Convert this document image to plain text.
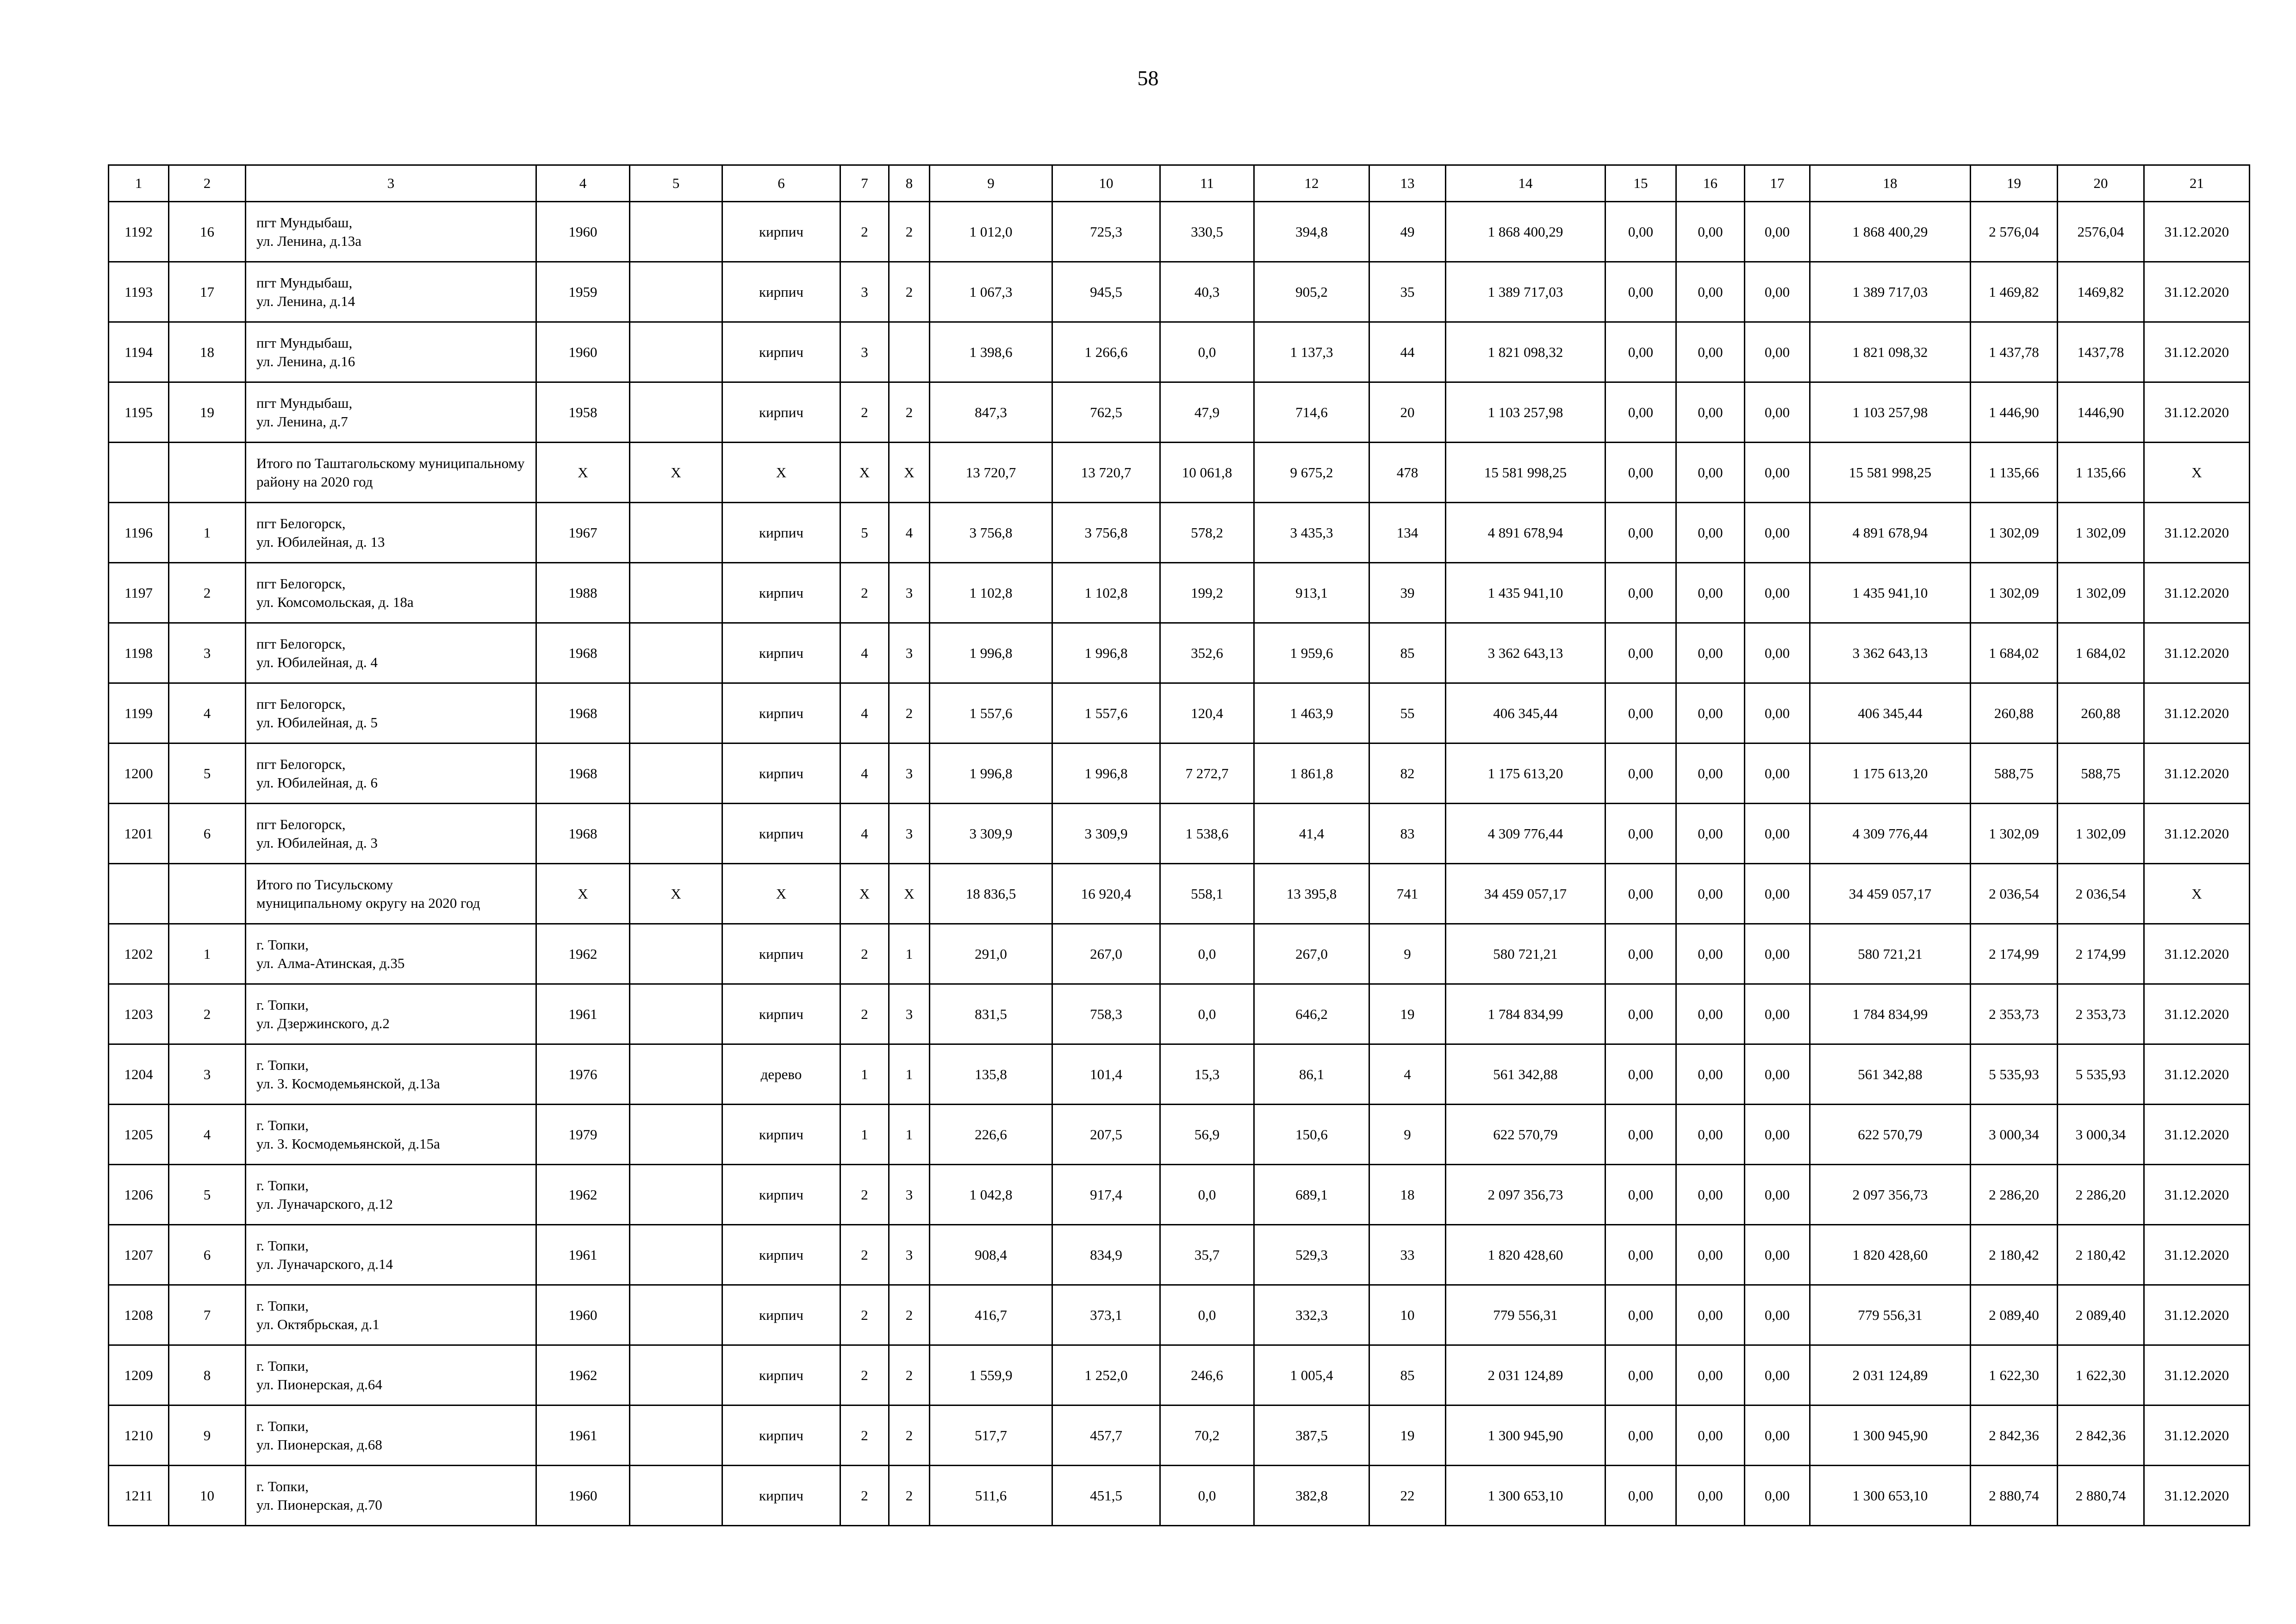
58
1	2	3	4	5	6	7	8	9	10	11	12	13	14	15	16	17	18	19	20	21
1192	16	пгт Мундыбаш,
ул. Ленина, д.13а	1960		кирпич	2	2	1 012,0	725,3	330,5	394,8	49	1 868 400,29	0,00	0,00	0,00	1 868 400,29	2 576,04	2576,04	31.12.2020
1193	17	пгт Мундыбаш,
ул. Ленина, д.14	1959		кирпич	3	2	1 067,3	945,5	40,3	905,2	35	1 389 717,03	0,00	0,00	0,00	1 389 717,03	1 469,82	1469,82	31.12.2020
1194	18	пгт Мундыбаш,
ул. Ленина, д.16	1960		кирпич	3		1 398,6	1 266,6	0,0	1 137,3	44	1 821 098,32	0,00	0,00	0,00	1 821 098,32	1 437,78	1437,78	31.12.2020
1195	19	пгт Мундыбаш,
ул. Ленина, д.7	1958		кирпич	2	2	847,3	762,5	47,9	714,6	20	1 103 257,98	0,00	0,00	0,00	1 103 257,98	1 446,90	1446,90	31.12.2020

		Итого по Таштагольскому муниципальному
району на 2020 год	X	X	X	X	X	13 720,7	13 720,7	10 061,8	9 675,2	478	15 581 998,25	0,00	0,00	0,00	15 581 998,25	1 135,66	1 135,66	X
1196	1	пгт Белогорск,
ул. Юбилейная, д. 13	1967		кирпич	5	4	3 756,8	3 756,8	578,2	3 435,3	134	4 891 678,94	0,00	0,00	0,00	4 891 678,94	1 302,09	1 302,09	31.12.2020
1197	2	пгт Белогорск,
ул. Комсомольская, д. 18а	1988		кирпич	2	3	1 102,8	1 102,8	199,2	913,1	39	1 435 941,10	0,00	0,00	0,00	1 435 941,10	1 302,09	1 302,09	31.12.2020
1198	3	пгт Белогорск,
ул. Юбилейная, д. 4	1968		кирпич	4	3	1 996,8	1 996,8	352,6	1 959,6	85	3 362 643,13	0,00	0,00	0,00	3 362 643,13	1 684,02	1 684,02	31.12.2020
1199	4	пгт Белогорск,
ул. Юбилейная, д. 5	1968		кирпич	4	2	1 557,6	1 557,6	120,4	1 463,9	55	406 345,44	0,00	0,00	0,00	406 345,44	260,88	260,88	31.12.2020
1200	5	пгт Белогорск,
ул. Юбилейная, д. 6	1968		кирпич	4	3	1 996,8	1 996,8	7 272,7	1 861,8	82	1 175 613,20	0,00	0,00	0,00	1 175 613,20	588,75	588,75	31.12.2020
1201	6	пгт Белогорск,
ул. Юбилейная, д. 3	1968		кирпич	4	3	3 309,9	3 309,9	1 538,6	41,4	83	4 309 776,44	0,00	0,00	0,00	4 309 776,44	1 302,09	1 302,09	31.12.2020

		Итого по Тисульскому
муниципальному округу на 2020 год	X	X	X	X	X	18 836,5	16 920,4	558,1	13 395,8	741	34 459 057,17	0,00	0,00	0,00	34 459 057,17	2 036,54	2 036,54	X
1202	1	г. Топки,
ул. Алма-Атинская, д.35	1962		кирпич	2	1	291,0	267,0	0,0	267,0	9	580 721,21	0,00	0,00	0,00	580 721,21	2 174,99	2 174,99	31.12.2020
1203	2	г. Топки,
ул. Дзержинского, д.2	1961		кирпич	2	3	831,5	758,3	0,0	646,2	19	1 784 834,99	0,00	0,00	0,00	1 784 834,99	2 353,73	2 353,73	31.12.2020
1204	3	г. Топки,
ул. З. Космодемьянской, д.13а	1976		дерево	1	1	135,8	101,4	15,3	86,1	4	561 342,88	0,00	0,00	0,00	561 342,88	5 535,93	5 535,93	31.12.2020
1205	4	г. Топки,
ул. З. Космодемьянской, д.15а	1979		кирпич	1	1	226,6	207,5	56,9	150,6	9	622 570,79	0,00	0,00	0,00	622 570,79	3 000,34	3 000,34	31.12.2020
1206	5	г. Топки,
ул. Луначарского, д.12	1962		кирпич	2	3	1 042,8	917,4	0,0	689,1	18	2 097 356,73	0,00	0,00	0,00	2 097 356,73	2 286,20	2 286,20	31.12.2020
1207	6	г. Топки,
ул. Луначарского, д.14	1961		кирпич	2	3	908,4	834,9	35,7	529,3	33	1 820 428,60	0,00	0,00	0,00	1 820 428,60	2 180,42	2 180,42	31.12.2020
1208	7	г. Топки,
ул. Октябрьская, д.1	1960		кирпич	2	2	416,7	373,1	0,0	332,3	10	779 556,31	0,00	0,00	0,00	779 556,31	2 089,40	2 089,40	31.12.2020
1209	8	г. Топки,
ул. Пионерская, д.64	1962		кирпич	2	2	1 559,9	1 252,0	246,6	1 005,4	85	2 031 124,89	0,00	0,00	0,00	2 031 124,89	1 622,30	1 622,30	31.12.2020
1210	9	г. Топки,
ул. Пионерская, д.68	1961		кирпич	2	2	517,7	457,7	70,2	387,5	19	1 300 945,90	0,00	0,00	0,00	1 300 945,90	2 842,36	2 842,36	31.12.2020
1211	10	г. Топки,
ул. Пионерская, д.70	1960		кирпич	2	2	511,6	451,5	0,0	382,8	22	1 300 653,10	0,00	0,00	0,00	1 300 653,10	2 880,74	2 880,74	31.12.2020
